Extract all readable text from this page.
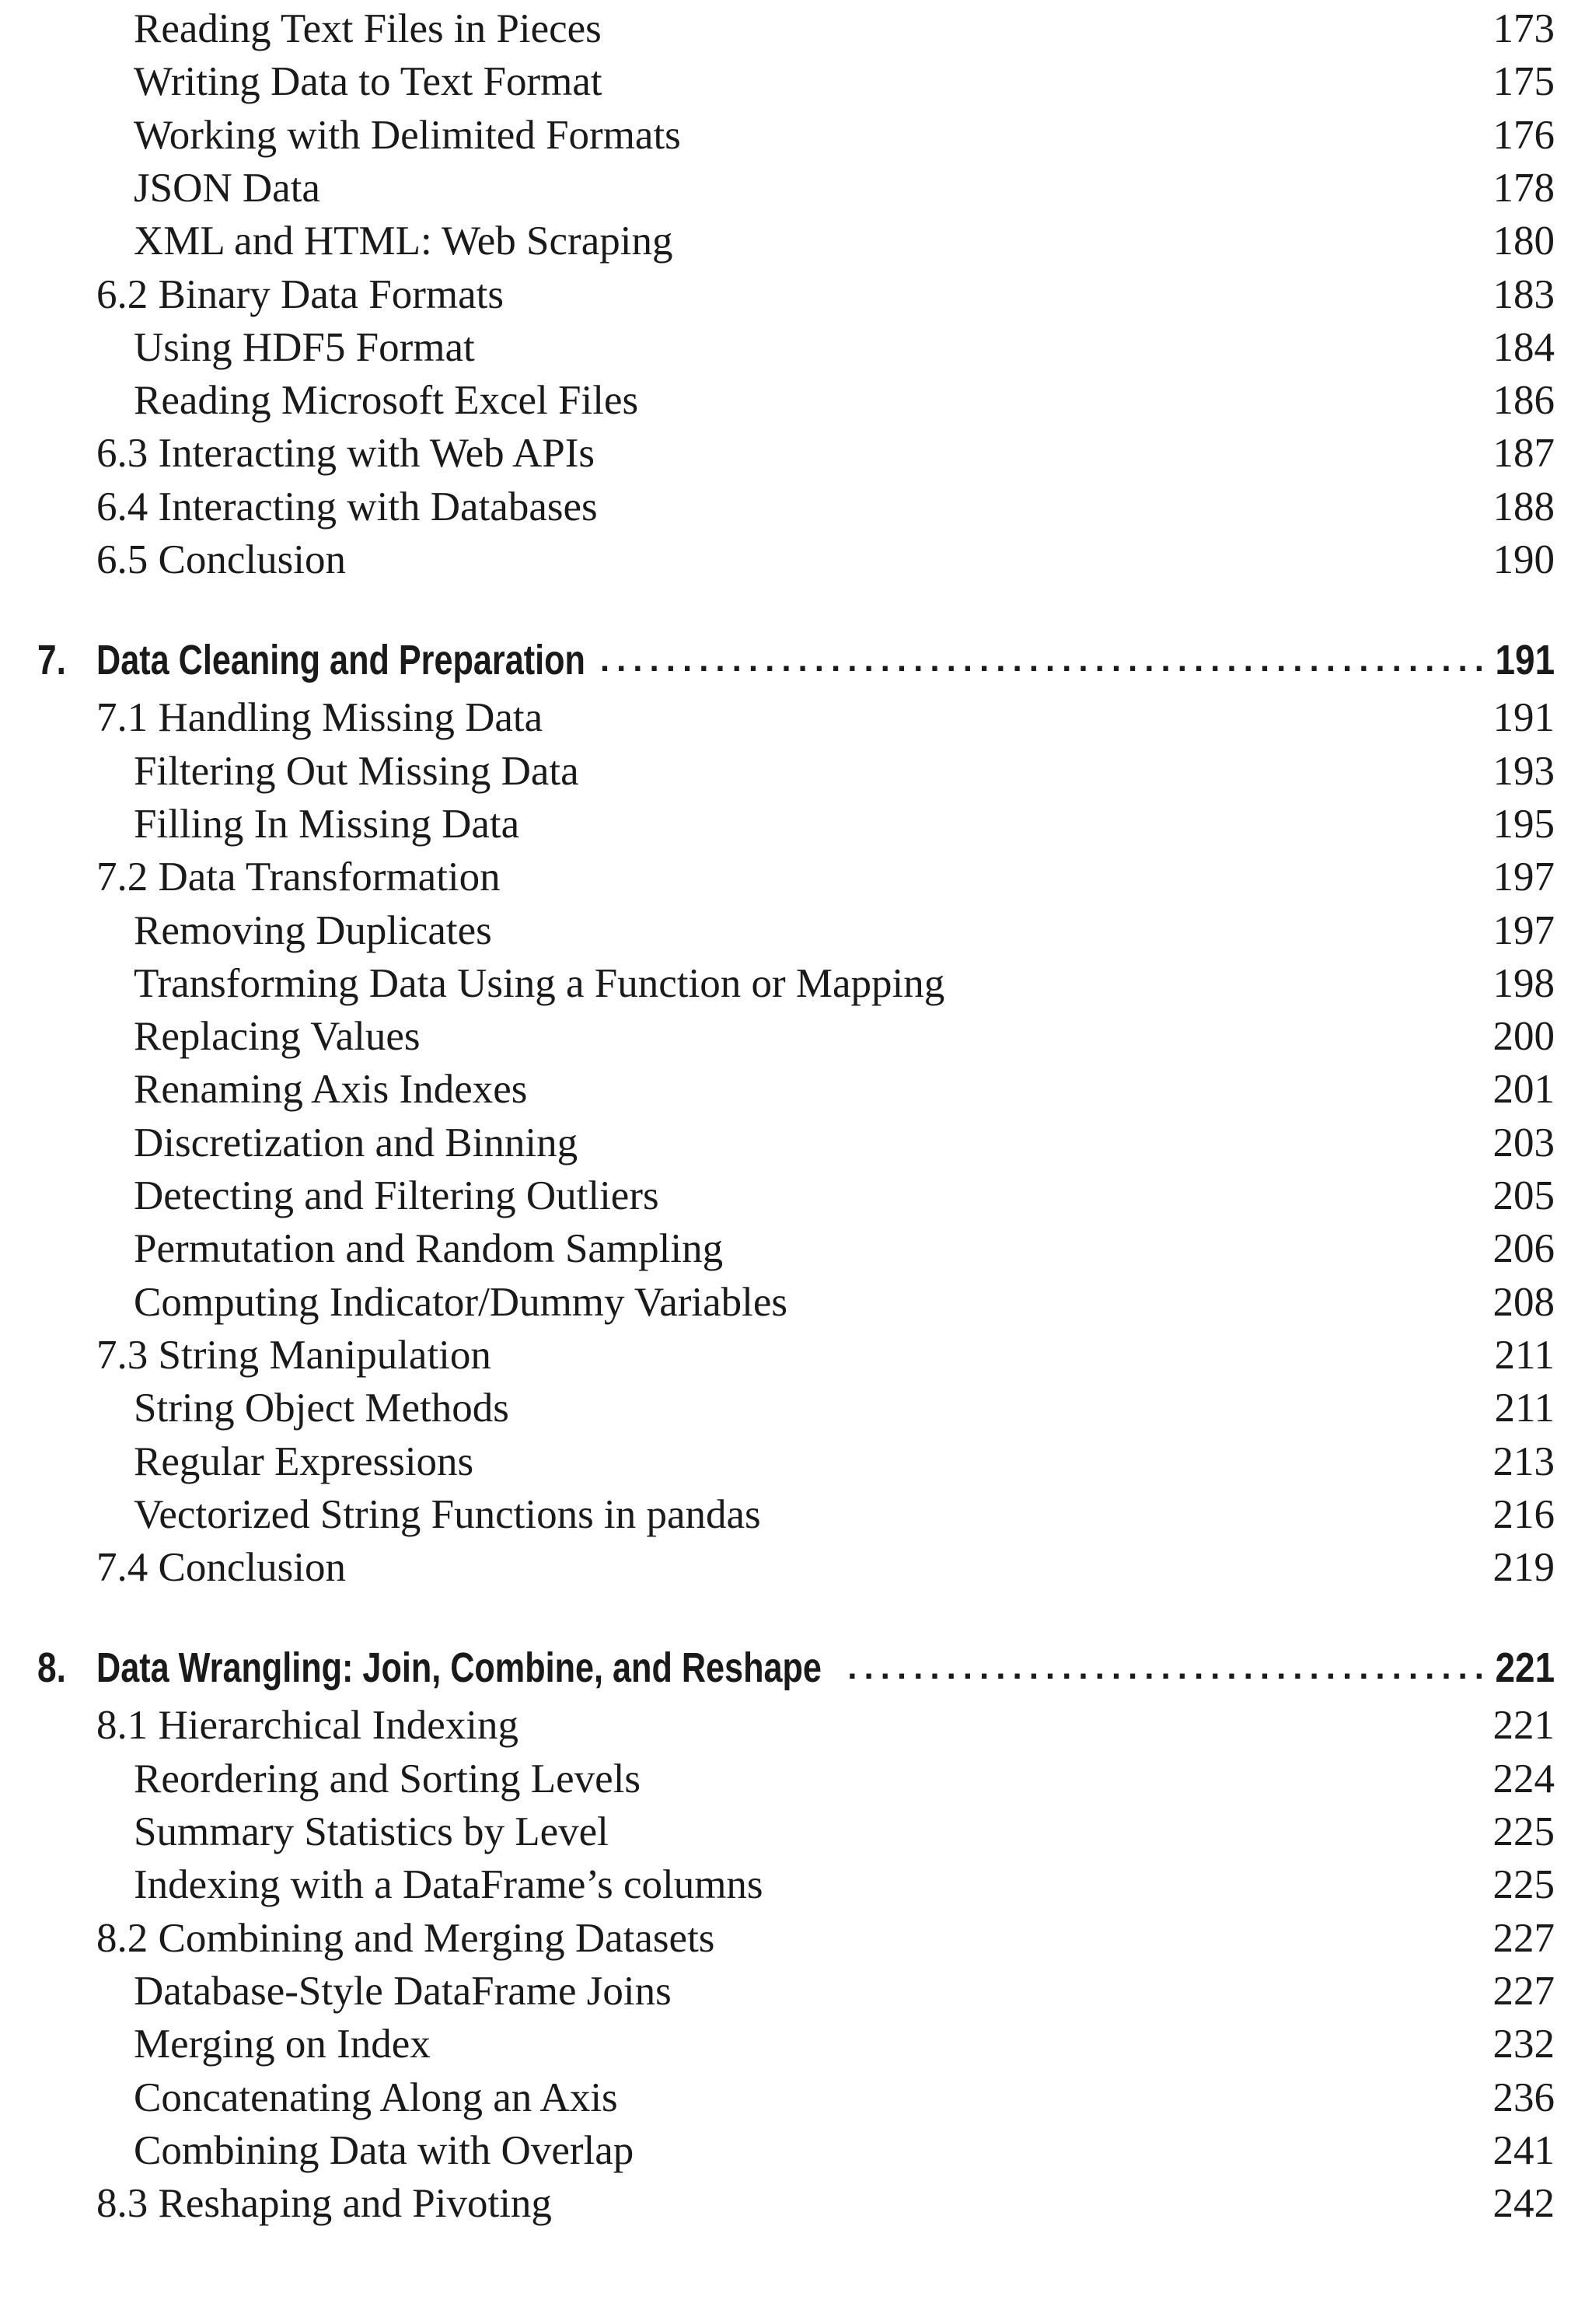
Reading Text Files in Pieces	173
Writing Data to Text Format	175
Working with Delimited Formats	176
JSON Data	178
XML and HTML: Web Scraping	180
6.2 Binary Data Formats	183
Using HDF5 Format	184
Reading Microsoft Excel Files	186
6.3 Interacting with Web APIs	187
6.4 Interacting with Databases	188
6.5 Conclusion	190
7. Data Cleaning and Preparation ...................................................... 191
7.1 Handling Missing Data	191
Filtering Out Missing Data	193
Filling In Missing Data	195
7.2 Data Transformation	197
Removing Duplicates	197
Transforming Data Using a Function or Mapping	198
Replacing Values	200
Renaming Axis Indexes	201
Discretization and Binning	203
Detecting and Filtering Outliers	205
Permutation and Random Sampling	206
Computing Indicator/Dummy Variables	208
7.3 String Manipulation	211
String Object Methods	211
Regular Expressions	213
Vectorized String Functions in pandas	216
7.4 Conclusion	219
8. Data Wrangling: Join, Combine, and Reshape ....................................... 221
8.1 Hierarchical Indexing	221
Reordering and Sorting Levels	224
Summary Statistics by Level	225
Indexing with a DataFrame’s columns	225
8.2 Combining and Merging Datasets	227
Database-Style DataFrame Joins	227
Merging on Index	232
Concatenating Along an Axis	236
Combining Data with Overlap	241
8.3 Reshaping and Pivoting	242
